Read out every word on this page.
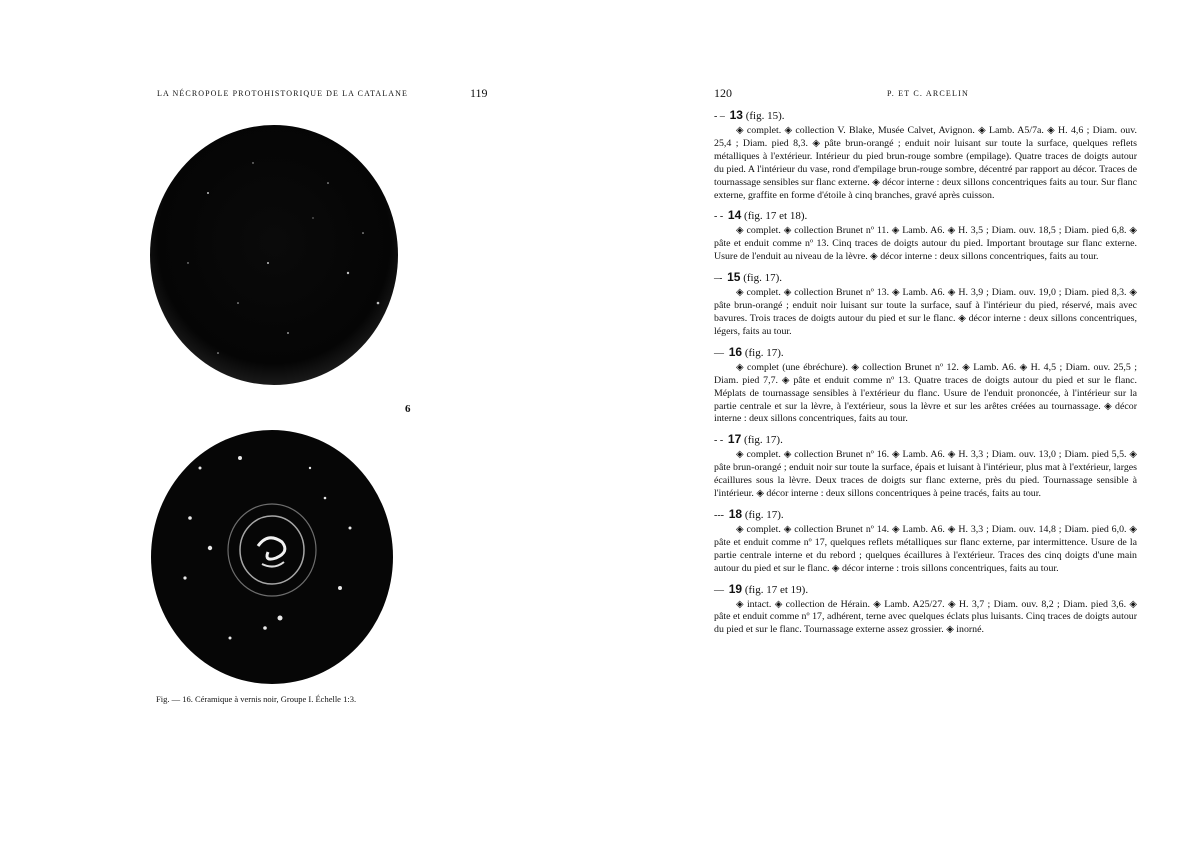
LA NÉCROPOLE PROTOHISTORIQUE DE LA CATALANE	119
6
Fig. — 16. Céramique à vernis noir, Groupe I. Échelle 1:3.
120	P. ET C. ARCELIN
- – 13 (fig. 15).
◈ complet. ◈ collection V. Blake, Musée Calvet, Avignon. ◈ Lamb. A5/7a. ◈ H. 4,6 ; Diam. ouv. 25,4 ; Diam. pied 8,3. ◈ pâte brun-orangé ; enduit noir luisant sur toute la surface, quelques reflets métalliques à l'extérieur. Intérieur du pied brun-rouge sombre (empilage). Quatre traces de doigts autour du pied. A l'intérieur du vase, rond d'empilage brun-rouge sombre, décentré par rapport au décor. Traces de tournassage sensibles sur flanc externe. ◈ décor interne : deux sillons concentriques faits au tour. Sur flanc externe, graffite en forme d'étoile à cinq branches, gravé après cuisson.
- - 14 (fig. 17 et 18).
◈ complet. ◈ collection Brunet nº 11. ◈ Lamb. A6. ◈ H. 3,5 ; Diam. ouv. 18,5 ; Diam. pied 6,8. ◈ pâte et enduit comme nº 13. Cinq traces de doigts autour du pied. Important broutage sur flanc externe. Usure de l'enduit au niveau de la lèvre. ◈ décor interne : deux sillons concentriques, faits au tour.
–- 15 (fig. 17).
◈ complet. ◈ collection Brunet nº 13. ◈ Lamb. A6. ◈ H. 3,9 ; Diam. ouv. 19,0 ; Diam. pied 8,3. ◈ pâte brun-orangé ; enduit noir luisant sur toute la surface, sauf à l'intérieur du pied, réservé, mais avec bavures. Trois traces de doigts autour du pied et sur le flanc. ◈ décor interne : deux sillons concentriques, légers, faits au tour.
— 16 (fig. 17).
◈ complet (une ébréchure). ◈ collection Brunet nº 12. ◈ Lamb. A6. ◈ H. 4,5 ; Diam. ouv. 25,5 ; Diam. pied 7,7. ◈ pâte et enduit comme nº 13. Quatre traces de doigts autour du pied et sur le flanc. Méplats de tournassage sensibles à l'extérieur du flanc. Usure de l'enduit prononcée, à l'intérieur sur la partie centrale et sur la lèvre, à l'extérieur, sous la lèvre et sur les arêtes créées au tournassage. ◈ décor interne : deux sillons concentriques, faits au tour.
- - 17 (fig. 17).
◈ complet. ◈ collection Brunet nº 16. ◈ Lamb. A6. ◈ H. 3,3 ; Diam. ouv. 13,0 ; Diam. pied 5,5. ◈ pâte brun-orangé ; enduit noir sur toute la surface, épais et luisant à l'intérieur, plus mat à l'extérieur, larges écaillures sous la lèvre. Deux traces de doigts sur flanc externe, près du pied. Tournassage sensible à l'intérieur. ◈ décor interne : deux sillons concentriques à peine tracés, faits au tour.
--- 18 (fig. 17).
◈ complet. ◈ collection Brunet nº 14. ◈ Lamb. A6. ◈ H. 3,3 ; Diam. ouv. 14,8 ; Diam. pied 6,0. ◈ pâte et enduit comme nº 17, quelques reflets métalliques sur flanc externe, par intermittence. Usure de la partie centrale interne et du rebord ; quelques écaillures à l'extérieur. Traces des cinq doigts d'une main autour du pied et sur le flanc. ◈ décor interne : trois sillons concentriques, faits au tour.
— 19 (fig. 17 et 19).
◈ intact. ◈ collection de Hérain. ◈ Lamb. A25/27. ◈ H. 3,7 ; Diam. ouv. 8,2 ; Diam. pied 3,6. ◈ pâte et enduit comme nº 17, adhérent, terne avec quelques éclats plus luisants. Cinq traces de doigts autour du pied et sur le flanc. Tournassage externe assez grossier. ◈ inorné.
